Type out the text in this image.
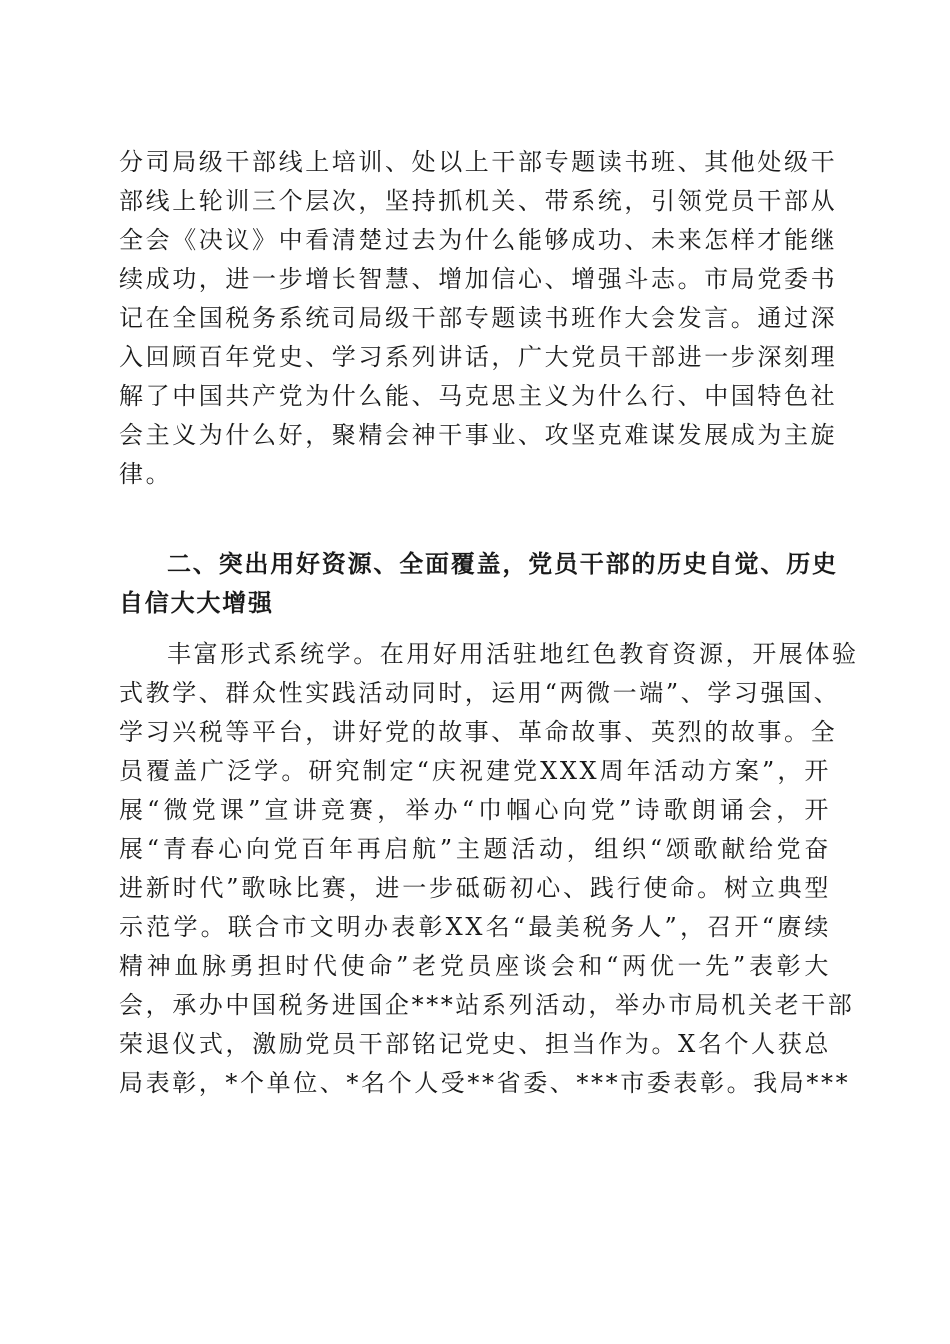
分司局级干部线上培训、处以上干部专题读书班、其他处级干
部线上轮训三个层次，坚持抓机关、带系统，引领党员干部从
全会《决议》中看清楚过去为什么能够成功、未来怎样才能继
续成功，进一步增长智慧、增加信心、增强斗志。市局党委书
记在全国税务系统司局级干部专题读书班作大会发言。通过深
入回顾百年党史、学习系列讲话，广大党员干部进一步深刻理
解了中国共产党为什么能、马克思主义为什么行、中国特色社
会主义为什么好，聚精会神干事业、攻坚克难谋发展成为主旋
律。
二、突出用好资源、全面覆盖，党员干部的历史自觉、历史
自信大大增强
丰富形式系统学。在用好用活驻地红色教育资源，开展体验
式教学、群众性实践活动同时，运用“两微一端”、学习强国、
学习兴税等平台，讲好党的故事、革命故事、英烈的故事。全
员覆盖广泛学。研究制定“庆祝建党XXX周年活动方案”，开
展“微党课”宣讲竞赛，举办“巾帼心向党”诗歌朗诵会，开
展“青春心向党百年再启航”主题活动，组织“颂歌献给党奋
进新时代”歌咏比赛，进一步砥砺初心、践行使命。树立典型
示范学。联合市文明办表彰XX名“最美税务人”，召开“赓续
精神血脉勇担时代使命”老党员座谈会和“两优一先”表彰大
会，承办中国税务进国企***站系列活动，举办市局机关老干部
荣退仪式，激励党员干部铭记党史、担当作为。X名个人获总
局表彰，*个单位、*名个人受**省委、***市委表彰。我局***
